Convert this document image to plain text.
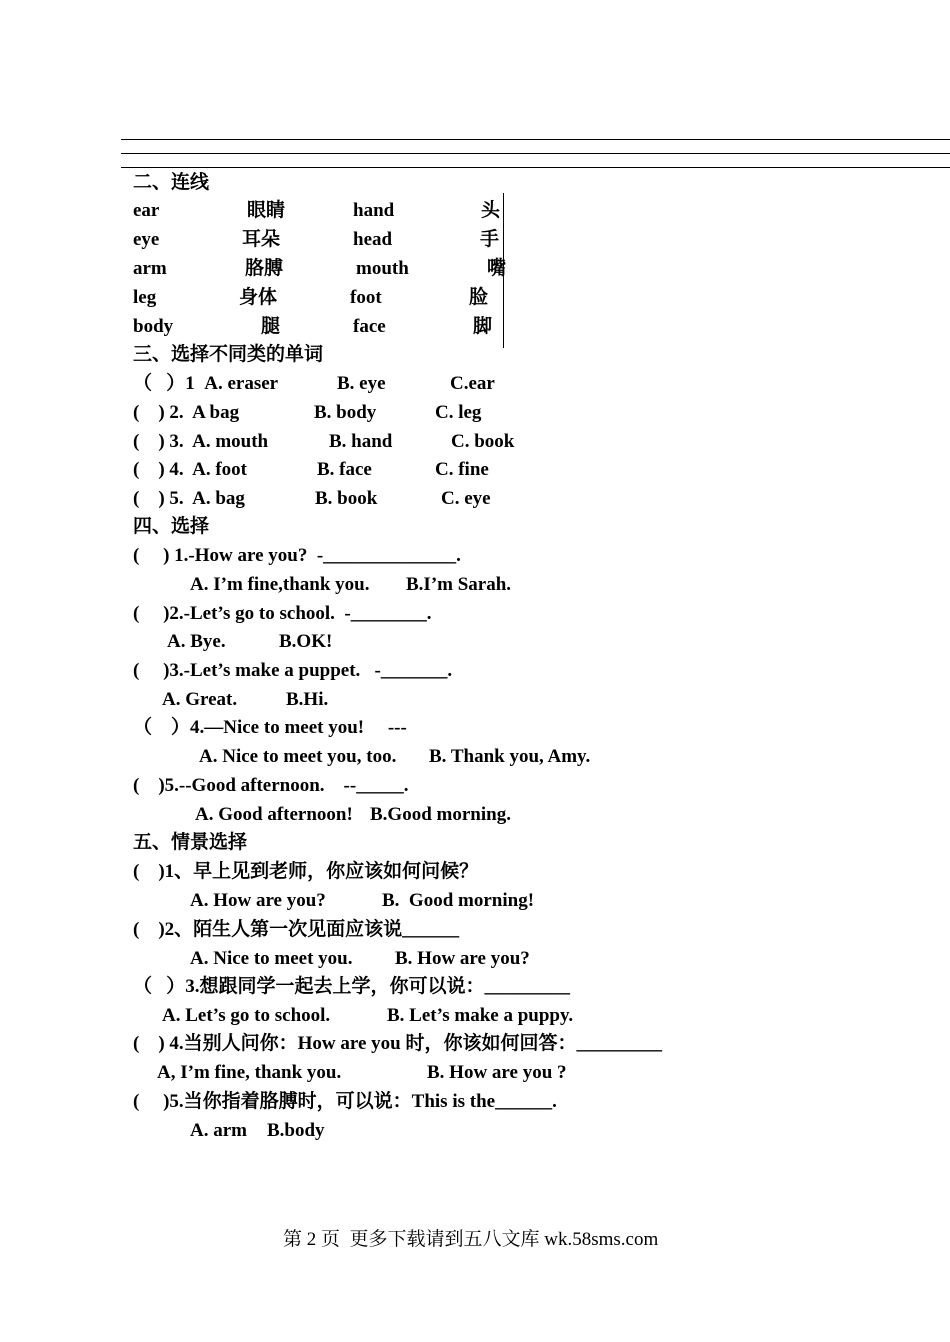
二、连线
ear	眼睛	hand	头
eye	耳朵	head	手
arm	胳膊	mouth	嘴
leg	身体	foot	脸
body	腿	face	脚
三、选择不同类的单词
（   ）1  A. eraser	B. eye	C.ear
(    ) 2.  A bag	B. body	C. leg
(    ) 3.  A. mouth	B. hand	C. book
(    ) 4.  A. foot	B. face	C. fine
(    ) 5.  A. bag	B. book	C. eye
四、选择
(     ) 1.-How are you?  -______________.
A. I’m fine,thank you. B.I’m Sarah.
(     )2.-Let’s go to school.  -________.
A. Bye.	B.OK!
(     )3.-Let’s make a puppet.   -_______.
A. Great.	B.Hi.
（    ）4.—Nice to meet you!     ---
A. Nice to meet you, too. B. Thank you, Amy.
(    )5.--Good afternoon.    --_____.
A. Good afternoon! B.Good morning.
五、情景选择
(    )1、早上见到老师，你应该如何问候？
A. How are you?	B.  Good morning!
(    )2、陌生人第一次见面应该说______
A. Nice to meet you. B. How are you?
（   ）3.想跟同学一起去上学，你可以说：_________
A. Let’s go to school.	B. Let’s make a puppy.
(    ) 4.当别人问你：How are you 时，你该如何回答：_________
A, I’m fine, thank you.	B. How are you ?
(     )5.当你指着胳膊时，可以说：This is the______.
A. arm B.body
第 2 页  更多下载请到五八文库 wk.58sms.com
